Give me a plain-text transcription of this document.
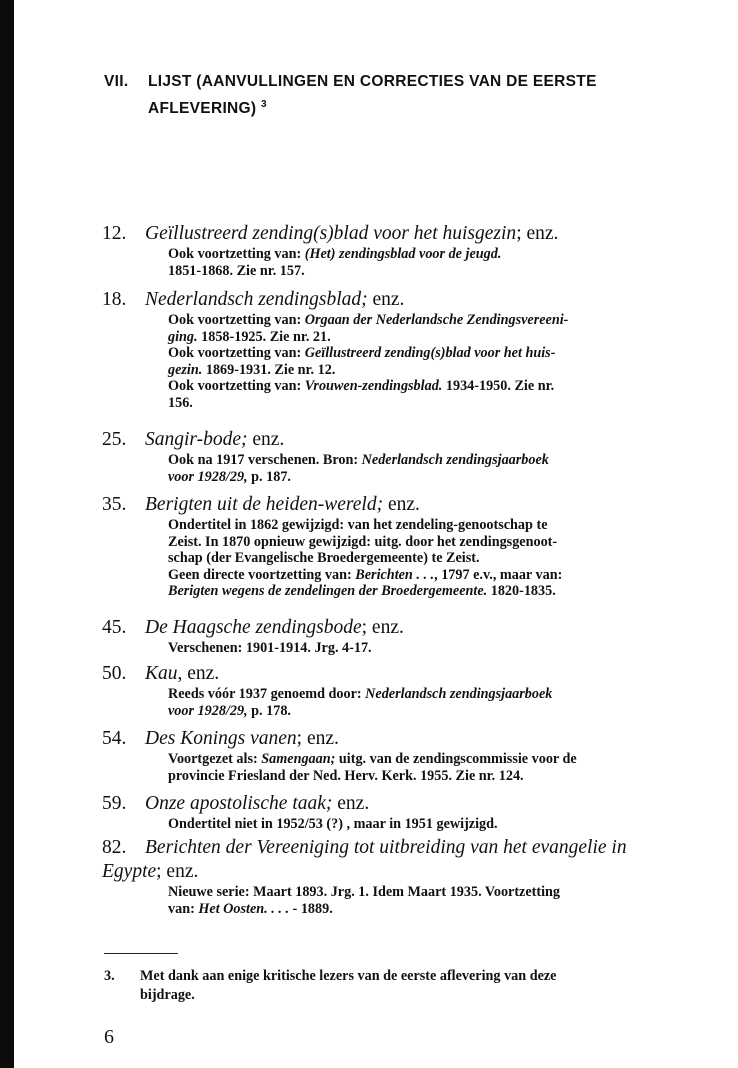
VII. LIJST (AANVULLINGEN EN CORRECTIES VAN DE EERSTE
AFLEVERING) $^3$
12. Geïllustreerd zending(s)blad voor het huisgezin; enz.
Ook voortzetting van: (Het) zendingsblad voor de jeugd.
1851-1868. Zie nr. 157.
18. Nederlandsch zendingsblad; enz.
Ook voortzetting van: Orgaan der Nederlandsche Zendingsvereeni-
ging. 1858-1925. Zie nr. 21.
Ook voortzetting van: Geïllustreerd zending(s)blad voor het huis-
gezin. 1869-1931. Zie nr. 12.
Ook voortzetting van: Vrouwen-zendingsblad. 1934-1950. Zie nr.
156.
25. Sangir-bode; enz.
Ook na 1917 verschenen. Bron: Nederlandsch zendingsjaarboek
voor 1928/29, p. 187.
35. Berigten uit de heiden-wereld; enz.
Ondertitel in 1862 gewijzigd: van het zendeling-genootschap te
Zeist. In 1870 opnieuw gewijzigd: uitg. door het zendingsgenoot-
schap (der Evangelische Broedergemeente) te Zeist.
Geen directe voortzetting van: Berichten . . ., 1797 e.v., maar van:
Berigten wegens de zendelingen der Broedergemeente. 1820-1835.
45. De Haagsche zendingsbode; enz.
Verschenen: 1901-1914. Jrg. 4-17.
50. Kau, enz.
Reeds vóór 1937 genoemd door: Nederlandsch zendingsjaarboek
voor 1928/29, p. 178.
54. Des Konings vanen; enz.
Voortgezet als: Samengaan; uitg. van de zendingscommissie voor de
provincie Friesland der Ned. Herv. Kerk. 1955. Zie nr. 124.
59. Onze apostolische taak; enz.
Ondertitel niet in 1952/53 (?) , maar in 1951 gewijzigd.
82. Berichten der Vereeniging tot uitbreiding van het evangelie in
Egypte; enz.
Nieuwe serie: Maart 1893. Jrg. 1. Idem Maart 1935. Voortzetting
van: Het Oosten. . . . - 1889.
3. Met dank aan enige kritische lezers van de eerste aflevering van deze
bijdrage.
6
